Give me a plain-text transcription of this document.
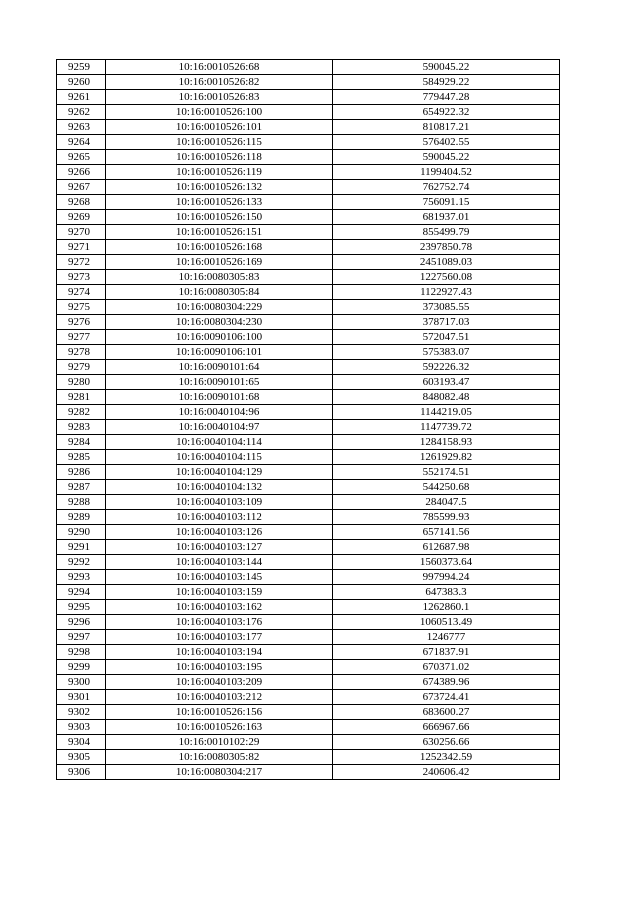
9259	10:16:0010526:68	590045.22
9260	10:16:0010526:82	584929.22
9261	10:16:0010526:83	779447.28
9262	10:16:0010526:100	654922.32
9263	10:16:0010526:101	810817.21
9264	10:16:0010526:115	576402.55
9265	10:16:0010526:118	590045.22
9266	10:16:0010526:119	1199404.52
9267	10:16:0010526:132	762752.74
9268	10:16:0010526:133	756091.15
9269	10:16:0010526:150	681937.01
9270	10:16:0010526:151	855499.79
9271	10:16:0010526:168	2397850.78
9272	10:16:0010526:169	2451089.03
9273	10:16:0080305:83	1227560.08
9274	10:16:0080305:84	1122927.43
9275	10:16:0080304:229	373085.55
9276	10:16:0080304:230	378717.03
9277	10:16:0090106:100	572047.51
9278	10:16:0090106:101	575383.07
9279	10:16:0090101:64	592226.32
9280	10:16:0090101:65	603193.47
9281	10:16:0090101:68	848082.48
9282	10:16:0040104:96	1144219.05
9283	10:16:0040104:97	1147739.72
9284	10:16:0040104:114	1284158.93
9285	10:16:0040104:115	1261929.82
9286	10:16:0040104:129	552174.51
9287	10:16:0040104:132	544250.68
9288	10:16:0040103:109	284047.5
9289	10:16:0040103:112	785599.93
9290	10:16:0040103:126	657141.56
9291	10:16:0040103:127	612687.98
9292	10:16:0040103:144	1560373.64
9293	10:16:0040103:145	997994.24
9294	10:16:0040103:159	647383.3
9295	10:16:0040103:162	1262860.1
9296	10:16:0040103:176	1060513.49
9297	10:16:0040103:177	1246777
9298	10:16:0040103:194	671837.91
9299	10:16:0040103:195	670371.02
9300	10:16:0040103:209	674389.96
9301	10:16:0040103:212	673724.41
9302	10:16:0010526:156	683600.27
9303	10:16:0010526:163	666967.66
9304	10:16:0010102:29	630256.66
9305	10:16:0080305:82	1252342.59
9306	10:16:0080304:217	240606.42
